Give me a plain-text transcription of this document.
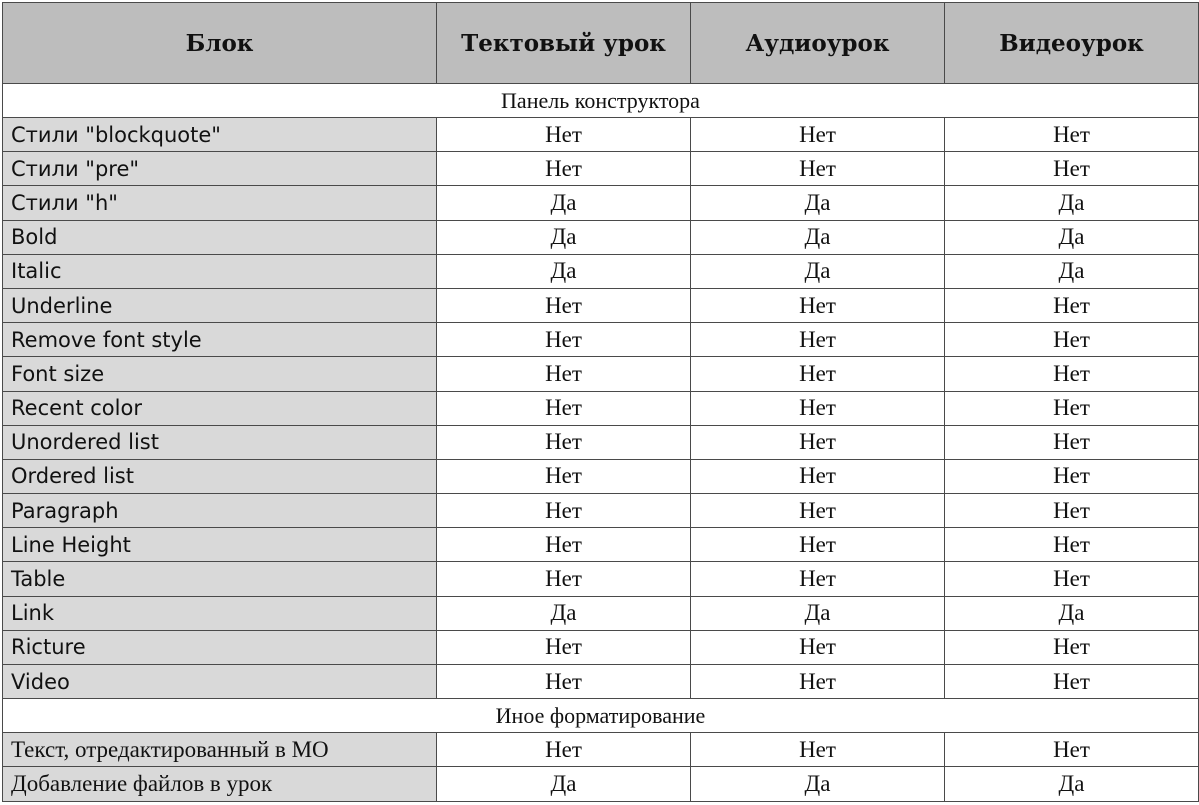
Блок	Тектовый урок	Аудиоурок	Видеоурок
Панель конструктора			
Стили "blockquote"	Нет	Нет	Нет
Стили "pre"	Нет	Нет	Нет
Стили "h"	Да	Да	Да
Bold	Да	Да	Да
Italic	Да	Да	Да
Underline	Нет	Нет	Нет
Remove font style	Нет	Нет	Нет
Font size	Нет	Нет	Нет
Recent color	Нет	Нет	Нет
Unordered list	Нет	Нет	Нет
Ordered list	Нет	Нет	Нет
Paragraph	Нет	Нет	Нет
Line Height	Нет	Нет	Нет
Table	Нет	Нет	Нет
Link	Да	Да	Да
Ricture	Нет	Нет	Нет
Video	Нет	Нет	Нет
Иное форматирование			
Текст, отредактированный в МО	Нет	Нет	Нет
Добавление файлов в урок	Да	Да	Да
